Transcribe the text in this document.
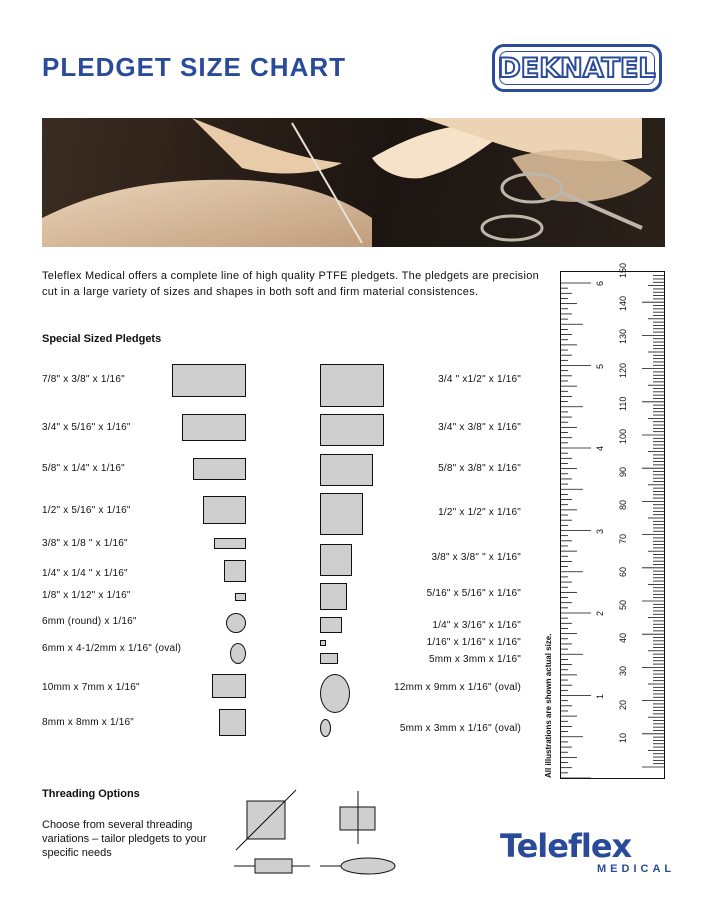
PLEDGET SIZE CHART	DEKNATEL
Teleflex Medical offers a complete line of high quality PTFE pledgets. The pledgets are precision cut in a large variety of sizes and shapes in both soft and firm material consistences.
Special Sized Pledgets
7/8" x 3/8" x 1/16"
3/4" x 5/16" x 1/16"
5/8" x 1/4" x 1/16"
1/2" x 5/16" x 1/16"
3/8" x 1/8 " x 1/16"
1/4" x 1/4 " x 1/16"
1/8" x 1/12" x 1/16"
6mm (round) x 1/16"
6mm x 4-1/2mm x 1/16" (oval)
10mm x 7mm x 1/16"
8mm x 8mm x 1/16"
3/4 " x1/2" x 1/16"
3/4" x 3/8" x 1/16"
5/8" x 3/8" x 1/16"
1/2" x 1/2" x 1/16"
3/8" x 3/8" " x 1/16"
5/16" x 5/16" x 1/16"
1/4" x 3/16" x 1/16"
1/16" x 1/16" x 1/16"
5mm x 3mm x 1/16"
12mm x 9mm x 1/16" (oval)
5mm x 3mm x 1/16" (oval)
1
2
3
4
5
6
10
20
30
40
50
60
70
80
90
100
110
120
130
140
150
All illustrations are shown actual size.
Threading Options
Choose from several threading variations – tailor pledgets to your specific needs	Teleflex
MEDICAL
